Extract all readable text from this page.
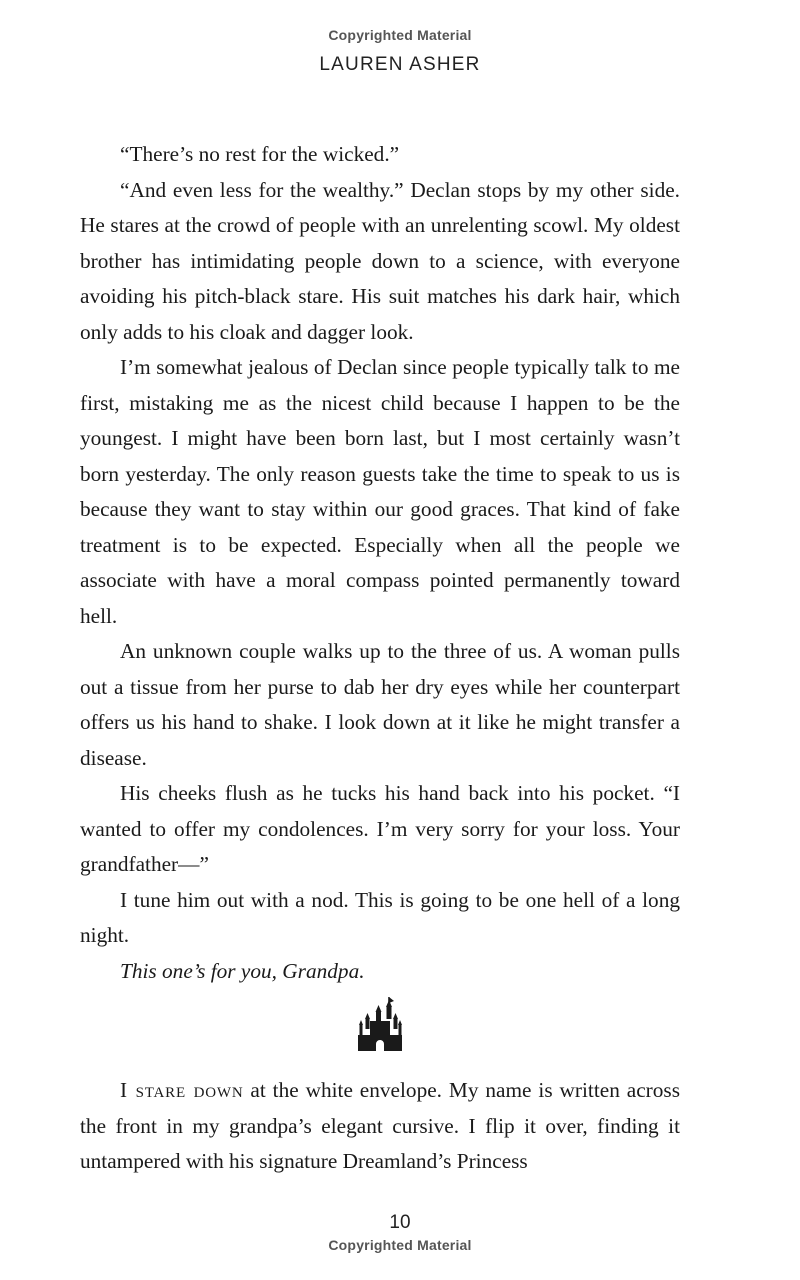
Copyrighted Material
LAUREN ASHER

“There’s no rest for the wicked.”

“And even less for the wealthy.” Declan stops by my other side. He stares at the crowd of people with an unrelenting scowl. My oldest brother has intimidating people down to a science, with everyone avoiding his pitch-black stare. His suit matches his dark hair, which only adds to his cloak and dagger look.

I’m somewhat jealous of Declan since people typically talk to me first, mistaking me as the nicest child because I happen to be the youngest. I might have been born last, but I most certainly wasn’t born yesterday. The only reason guests take the time to speak to us is because they want to stay within our good graces. That kind of fake treatment is to be expected. Especially when all the people we associate with have a moral compass pointed permanently toward hell.

An unknown couple walks up to the three of us. A woman pulls out a tissue from her purse to dab her dry eyes while her counterpart offers us his hand to shake. I look down at it like he might transfer a disease.

His cheeks flush as he tucks his hand back into his pocket. “I wanted to offer my condolences. I’m very sorry for your loss. Your grandfather—”

I tune him out with a nod. This is going to be one hell of a long night.

This one’s for you, Grandpa.

I stare down at the white envelope. My name is written across the front in my grandpa’s elegant cursive. I flip it over, finding it untampered with his signature Dreamland’s Princess

10
Copyrighted Material
